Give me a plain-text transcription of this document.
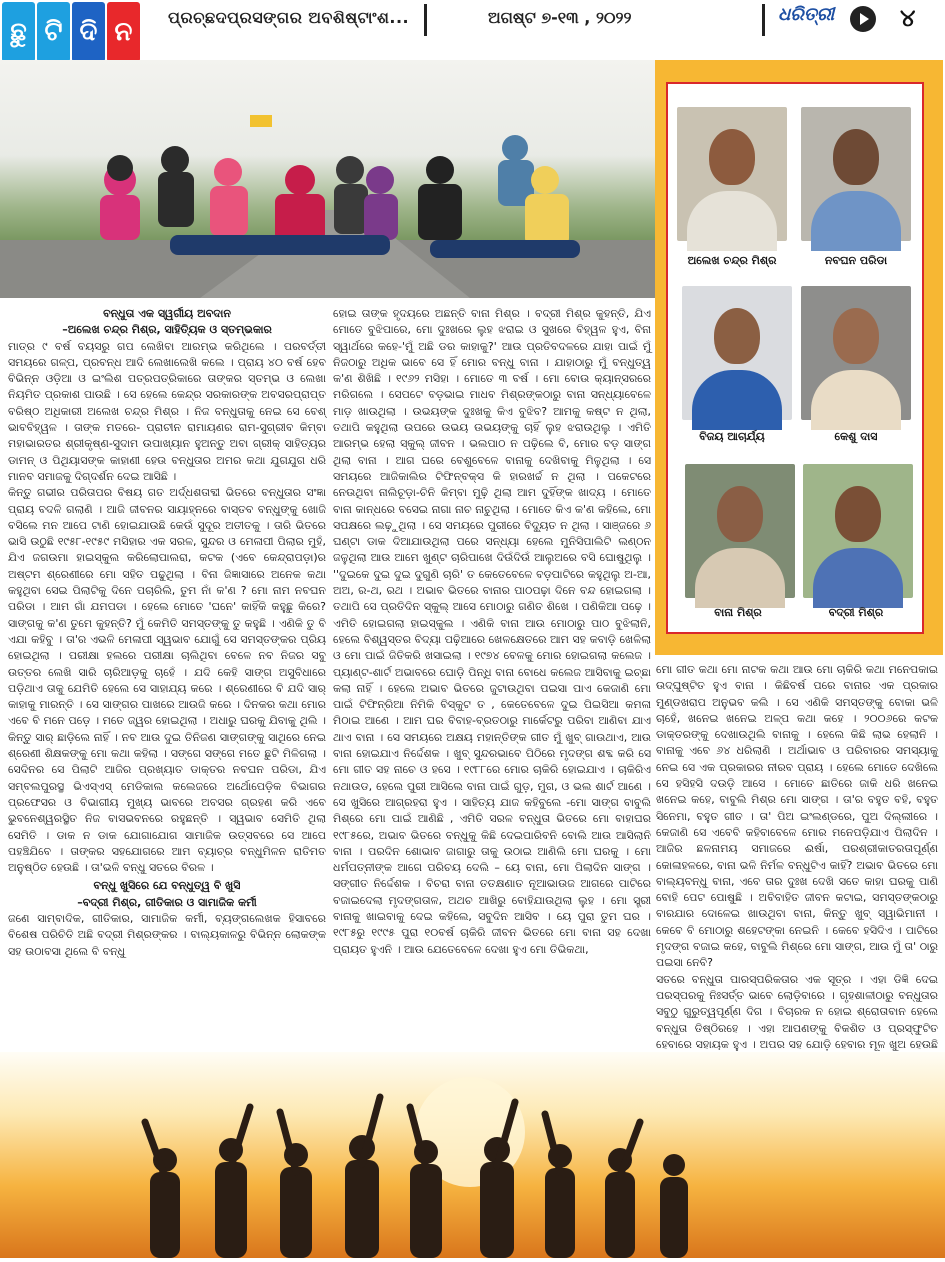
ଛୁ ଟି ଦି ନ	ପ୍ରଚ୍ଛଦପ୍ରସଙ୍ଗର ଅବଶିଷ୍ଟାଂଶ...	ଅଗଷ୍ଟ ୭-୧୩ , ୨୦୨୨	ଧରିତ୍ରୀ	୪
ଅଲେଖ ଚନ୍ଦ୍ର ମିଶ୍ର	ନବଘନ ପରିଡା
ବିଜୟ ଆଚାର୍ଯ୍ୟ	କେଶୁ ଦାସ
ବାନା ମିଶ୍ର	ବଦ୍ରୀ ମିଶ୍ର

ବନ୍ଧୁତା ଏକ ସ୍ୱର୍ଗୀୟ ଅବଦାନ

–ଅଲେଖ ଚନ୍ଦ୍ର ମିଶ୍ର, ସାହିତ୍ୟିକ ଓ ସ୍ତମ୍ଭକାର

ମାତ୍ର ୯ ବର୍ଷ ବୟସରୁ ଗପ ଲେଖିବା ଆରମ୍ଭ କରିଥିଲେ । ପରବର୍ତ୍ତୀ ସମୟରେ ଗଳ୍ପ, ପ୍ରବନ୍ଧ ଆଦି ଲେଖାଲେଖି କଲେ । ପ୍ରାୟ ୪୦ ବର୍ଷ ହେବ ବିଭିନ୍ନ ଓଡ଼ିଆ ଓ ଇଂଲିଶ ପତ୍ରପତ୍ରିକାରେ ତାଙ୍କର ସ୍ତମ୍ଭ ଓ ଲେଖା ନିୟମିତ ପ୍ରକାଶ ପାଉଛି । ସେ ହେଲେ କେନ୍ଦ୍ର ସରକାରଙ୍କ ଅବସରପ୍ରାପ୍ତ ବରିଷ୍ଠ ଅଧିକାରୀ ଅଲେଖ ଚନ୍ଦ୍ର ମିଶ୍ର । ନିଜ ବନ୍ଧୁତାକୁ ନେଇ ସେ ବେଶ୍ ଭାବବିହ୍ୱଳ । ତାଙ୍କ ମତରେ- ପ୍ରାଚୀନ ରାମାୟଣର ରାମ-ସୁଗ୍ରୀବ କିମ୍ବା ମହାଭାରତର ଶ୍ରୀକୃଷ୍ଣ-ସୁଦାମ ଉପାଖ୍ୟାନ ହୁଅନ୍ତୁ ଅବା ଗ୍ରୀକ୍ ସାହିତ୍ୟର ଡାମନ୍ ଓ ପିଥିୟାସଙ୍କ କାହାଣୀ ହେଉ ବନ୍ଧୁତାର ଅମର କଥା ଯୁଗଯୁଗ ଧରି ମାନବ ସମାଜକୁ ଦିଗ୍‌ଦର୍ଶନ ଦେଇ ଆସିଛି ।
କିନ୍ତୁ ଗଭୀର ପରିତାପର ବିଷୟ ଗତ ଅର୍ଦ୍ଧଶତାବ୍ଦୀ ଭିତରେ ବନ୍ଧୁତାର ସଂଜ୍ଞା ପ୍ରାୟ ବଦଳି ଗଲାଣି । ଆଜି ଜୀବନର ସାୟାହ୍ନରେ ବାସ୍ତବ ବନ୍ଧୁଙ୍କୁ ଖୋଜି ବସିଲେ ମନ ଆପେ ଟାଣି ହୋଇଯାଉଛି କେଉଁ ସୁଦୂର ଅତୀତକୁ । ତାରି ଭିତରେ ଭାସି ଉଠୁଛି ୧୯୫୮-୧୯୫୯ ମସିହାର ଏକ ସରଳ, ସୁନ୍ଦର ଓ ମେଳାପୀ ପିଲାର ମୁହଁ, ଯିଏ ଜଗଉମା ହାଇସ୍କୁଲ କରିଲୋପାଲରା, କଟକ (ଏବେ କେନ୍ଦ୍ରାପଡ଼ା)ର ଅଷ୍ଟମ ଶ୍ରେଣୀରେ ମୋ ସହିତ ପଢୁଥିଲା । ବିନା ଜିଜ୍ଞାସାରେ ଅନେକ କଥା କହୁଥିବା ସେଇ ପିଲାଟିକୁ ଦିନେ ପଚାରିଲି, ତୁମ ନାଁ କ'ଣ ? ମୋ ନାମ ନବଘନ ପରିଡା । ଆମ ଗାଁ ଯମପଡା । ହେଲେ ମୋତେ 'ଘନେ' କାହିଁକି କହୁଛୁ କିରେ? ସାଙ୍ଗକୁ କ'ଣ ତୁମେ କୁହନ୍ତି? ମୁଁ କେମିତି ସମସ୍ତଙ୍କୁ ତୁ କହୁଛି । ଏଣିକି ତୁ ବି ଏଯା କହିବୁ । ତା'ର ଏଭଳି ମେଳାପୀ ସ୍ୱଭାବ ଯୋଗୁଁ ସେ ସମସ୍ତଙ୍କର ପ୍ରିୟ ହୋଇଥିଲା । ପରୀକ୍ଷା ହଲରେ ପରୀକ୍ଷା ଚାଲିଥିବା ବେଳେ ନବ ନିଜର ସବୁ ଉତ୍ତର ଲେଖି ସାରି ଚାରିଆଡ଼କୁ ଚାହେଁ । ଯଦି କେହି ସାଙ୍ଗ ଅସୁବିଧାରେ ପଡ଼ିଥାଏ ତାକୁ ଯେମିତି ହେଲେ ସେ ସାହାଯ୍ୟ କରେ । ଶ୍ରେଣୀରେ ବି ଯଦି ସାର୍ କାହାକୁ ମାରନ୍ତି । ସେ ସାଙ୍ଗର ପାଖରେ ଆଉଜି କରେ । ଦିନକର କଥା ମୋର ଏବେ ବି ମନେ ପଡ଼େ । ମତେ ଜ୍ୱର ହୋଇଥିଲା । ଅଧାରୁ ଘରକୁ ଯିବାକୁ ଥିଲି । କିନ୍ତୁ ସାର୍ ଛାଡ଼ିଲେ ନାହିଁ । ନବ ଆଉ ଦୁଇ ତିନିଜଣ ସାଙ୍ଗଙ୍କୁ ସାଥିରେ ନେଇ ଶ୍ରେଣୀ ଶିକ୍ଷକଙ୍କୁ ମୋ କଥା କହିଲା । ସଙ୍ଗେ ସଙ୍ଗେ ମତେ ଛୁଟି ମିଳିଗଲା । ସେଦିନର ସେ ପିଲାଟି ଆଜିର ପ୍ରଖ୍ୟାତ ଡାକ୍ତର ନବଘନ ପରିଡା, ଯିଏ ସମ୍ବଲପୁରସ୍ଥ ଭିଏସ୍‌ଏସ୍ ମେଡିକାଲ କଲେଜରେ ଅର୍ଥୋପେଡ଼ିକ ବିଭାଗର ପ୍ରଫେସର ଓ ବିଭାଗୀୟ ମୁଖ୍ୟ ଭାବରେ ଅବସର ଗ୍ରହଣ କରି ଏବେ ଭୁବନେଶ୍ୱରସ୍ଥିତ ନିଜ ବାସଭବନରେ ରହୁଛନ୍ତି । ସ୍ୱଭାବ ସେମିତି ଥିଲା ସେମିତି । ଡାକ ନ ଡାକ ଯୋଗାଯୋଗ ସାମାଜିକ ଉତ୍ସବରେ ସେ ଆପେ ପହଞ୍ଚିଯିବେ । ତାଙ୍କର ସହଯୋଗରେ ଆମ ବ୍ୟାଚ୍‌ର ବନ୍ଧୁମିଳନ ରାତିମତ ଅନୁଷ୍ଠିତ ହେଉଛି । ତା'ଭଳି ବନ୍ଧୁ ସତରେ ବିରଳ ।

ବନ୍ଧୁ ଖୁସିରେ ଯେ ବନ୍ଧୁତ୍ୱ ବି ଖୁସି

–ବଦ୍ରୀ ମିଶ୍ର, ଗୀତିକାର ଓ ସାମାଜିକ କର୍ମୀ

ଜଣେ ସାମ୍ବାଦିକ, ଗୀତିକାର, ସାମାଜିକ କର୍ମୀ, ବ୍ୟଙ୍ଗଲେଖକ ହିସାବରେ ବିଶେଷ ପରିଚିତି ଅଛି ବଦ୍ରୀ ମିଶ୍ରଙ୍କର । ବାଲ୍ୟକାଳରୁ ବିଭିନ୍ନ ଲୋକଙ୍କ ସହ ଉଠାବସା ଥିଲେ ବି ବନ୍ଧୁ

ହୋଇ ତାଙ୍କ ହୃଦୟରେ ଅଛନ୍ତି ବାନା ମିଶ୍ର । ବଦ୍ରୀ ମିଶ୍ର କୁହନ୍ତି, ଯିଏ ମୋତେ ବୁଝିପାରେ, ମୋ ଦୁଃଖରେ ଲୁହ ଝରାଇ ଓ ସୁଖରେ ବିହ୍ୱଳ ହୁଏ, ବିନା ସ୍ୱାର୍ଥରେ କହେ-'ମୁଁ ଅଛି ଡର କାହାକୁ?' ଆଉ ପ୍ରତିବଦଳରେ ଯାହା ପାଇଁ ମୁଁ ନିଜଠାରୁ ଅଧିକ ଭାବେ ସେ ହିଁ ମୋର ବନ୍ଧୁ ବାନା । ଯାହାଠାରୁ ମୁଁ ବନ୍ଧୁତ୍ୱ କ'ଣ ଶିଖିଛି । ୧୯୬୨ ମସିହା । ମୋତେ ୩ ବର୍ଷ । ମୋ ବୋଉ କ୍ୟାନ୍ସରରେ ମରିଗଲେ । ସେପଟେ ବଡ଼ଭାଇ ମାଧବ ମିଶ୍ରଙ୍କଠାରୁ ବାନା ସନ୍ଧ୍ୟାବେଳେ ମାଡ଼ ଖାଉଥିଲା । ଉଭୟଙ୍କ ଦୁଃଖକୁ କିଏ ବୁଝିବ? ଆମକୁ କଷ୍ଟ ନ ଥିଲା, ତଥାପି କହୁଥିଲା ଉପରେ ଉଭୟ ଉଭୟଙ୍କୁ ଚାହିଁ ଲୁହ ଝରାଉଥିଲୁ । ଏମିତି ଆରମ୍ଭ ହେଲା ସ୍କୁଲ୍ ଜୀବନ । ଭଲପାଠ ନ ପଢ଼ିଲେ ବି, ମୋର ବଡ଼ ସାଙ୍ଗ ଥିଲା ବାନା । ଆଗ ଘରେ ବେଶୁବେଳେ ବାନାକୁ ଦେଖିବାକୁ ମିଳୁଥିଲା । ସେ ସମୟରେ ଆଜିକାଲିର ଟିଫିନ୍‌ବକ୍ସ କି ହାରଖର୍ଚ୍ଚ ନ ଥିଲା । ପକେଟରେ ନେଉଥିବା ନାଲିଚୂଡ଼ା-ଚିନି କିମ୍ବା ମୁଢ଼ି ଥିଲା ଆମ ଦୁହିଁଙ୍କ ଖାଦ୍ୟ । ମୋତେ ବାନା କାନ୍ଧରେ ବସେଇ ନାଗା ନାଚ ନାଚୁଥିଲା । ମୋତେ କିଏ କ'ଣ କହିଲେ, ମୋ ସପକ୍ଷରେ ଲଢ଼ୁଥିଲା । ସେ ସମୟରେ ପୁରୀରେ ବିଦ୍ୟୁତ ନ ଥିଲା । ସାଞ୍ଜରେ ୬ ଘଣ୍ଟା ଡାକ ଦିଆଯାଉଥିଲା ପରେ ସନ୍ଧ୍ୟା ହେଲେ ମୁନିସିପାଲିଟି ଲଣ୍ଠନ ଜଳୁଥିଲା ଆଉ ଆମେ ଖୁଣ୍ଟ ଚାରିପାଖେ ଦିଉଁଦିଉଁ ଆଲୁଅରେ ବସି ଘୋଷୁଥିଲୁ । ''ଦୁଇକେ ଦୁଇ ଦୁଇ ଦୁଗୁଣି ଚାରି' ତ କେତେବେଳେ ବଡ଼ପାଟିରେ କହୁଥିଲୁ ଅ-ଆ, ଅଅ, ର-ଥ, ରଥ । ଅଭାବ ଭିତରେ ବାନାର ପାଠପଢ଼ା ଦିନେ ବନ୍ଦ ହୋଇଗଲା । ତଥାପି ସେ ପ୍ରତିଦିନ ସ୍କୁଲ୍ ଆସେ ମୋଠାରୁ ଗଣିତ ଶିଖେ । ପଣିକିଆ ପଢ଼େ । ଏମିତି ହୋଇଗଲା ହାଇସ୍କୁଲ । ଏଣିକି ବାନା ଆଉ ମୋଠାରୁ ପାଠ ବୁଝିଲାନି, ହେଲେ ବିଶ୍ୱସ୍ତର ବିଦ୍ୟା ପଢ଼ିଆରେ ଖେଳକ୍ଷେତରେ ଆମ ସହ କବାଡ଼ି ଖେଳିଲା ଓ ମୋ ପାଇଁ ଜିତିକରି ଖସାଇଲା । ୧୯୭୪ ବେଳକୁ ମୋର ହୋଇଗଲା କଲେଜ । ପ୍ୟାଣ୍ଟ-ଶାର୍ଟ ଅଭାବରେ ଘୋଡ଼ି ପିନ୍ଧି ବାନା ବୋଧେ କଲେଜ ଆସିବାକୁ ଇଚ୍ଛା କଲା ନାହିଁ । ହେଲେ ଅଭାବ ଭିତରେ ଜୁଟାଉଥିବା ପଇସା ପାଏ କେଜାଣି ମୋ ପାଇଁ ଟିଫିନ୍‌ରିଆ ନିମିକି ବିସ୍କୁଟ ତ , କେତେବେଳେ ଦୁଇ ପିଇସିଆ କମଳା ମିଠାଇ ଆଣେ । ଆମ ଘର ବିବାହ-ବ୍ରତଠାରୁ ମାର୍କେଟରୁ ପରିବା ଆଣିବା ଯାଏ ଥାଏ ବାନା । ସେ ସମୟରେ ଅକ୍ଷୟ ମହାନ୍ତିଙ୍କ ଗୀତ ମୁଁ ଖୁବ୍ ଗାଉଥାଏ, ଆଉ ବାନା ହୋଇଯାଏ ନିର୍ଦ୍ଦେଶକ । ଖୁବ୍ ସୁନ୍ଦରଭାବେ ପିଠିରେ ମୃଦଙ୍ଗ ଶବ୍ଦ କରି ସେ ମୋ ଗୀତ ସହ ନାଚେ ଓ ହସେ । ୧୯୮୮ରେ ମୋର ଚାକିରି ହୋଇଯାଏ । ଚାକିରିଏ ନଥାଉଡ, ହେଲେ ପୁରୀ ଆସିଲେ ବାନା ପାଇଁ ଗୁଡ଼, ମୁଗ, ଓ ଭଲ ଶାର୍ଟ ଆଣେ । ସେ ଖୁସିରେ ଆଗ୍ରହରା ହୁଏ । ସାହିତ୍ୟ ଯାଜ କହିବୁଲେ -ମୋ ସାଙ୍ଗ ବାବୁଲି ମିଶ୍ରେ ମୋ ପାଇଁ ଆଣିଛି , ଏମିତି ସରଳ ବନ୍ଧୁତା ଭିତରେ ମୋ ବାହାଘର ୧୯୮୫ରେ, ଅଭାବ ଭିତରେ ବନ୍ଧୁକୁ କିଛି ଦେଇପାରିବନି ବୋଲି ଆଉ ଆସିଲାନି ବାନା । ପରଦିନ ଶୋଭାବ ଜାଗାରୁ ତାକୁ ଉଠାଇ ଆଣିଲି ମୋ ଘରକୁ । ମୋ ଧର୍ମପତ୍ନୀଙ୍କ ଆଗେ ପରିଚୟ ଦେଲି – ୟେ ବାନା, ମୋ ପିଲାଦିନ ସାଙ୍ଗ । ସଙ୍ଗୀତ ନିର୍ଦ୍ଦେଶକ । ବିଚରା ବାନା ତତକ୍ଷଣାତ ନୂଆଭାଉଜ ଆଗରେ ପାଟିରେ ବଜାଇଦେଲା ମୃଦଙ୍ଗତାଳ, ଅଥଚ ଆଖିରୁ ବୋହିଯାଉଥିଲା ଲୁହ । ମୋ ସ୍ତ୍ରୀ ବାନାକୁ ଖାଇବାକୁ ଦେଇ କହିଲେ, ସବୁଦିନ ଆସିବ । ୟେ ପୁରା ତୁମ ଘର । ୧୯୮୫ରୁ ୧୯୯୫ ପୁରା ୧୦ବର୍ଷ ଚାକିରି ଜୀବନ ଭିତରେ ମୋ ବାନା ସହ ଦେଖା ପ୍ରାୟତ ହୁଏନି । ଆଉ ଯେତେବେଳେ ଦେଖା ହୁଏ ମୋ ତିଭିକଥା,

ମୋ ଗୀତ କଥା ମୋ ନାଟକ କଥା ଆଉ ମୋ ଚାକିରି କଥା ମନେପକାଇ ଉଦ୍‌ଘୁଷ୍ଟିତ ହୁଏ ବାନା । କିଛିବର୍ଷ ପରେ ବାନାର ଏକ ପ୍ରକାର ମୁଣ୍ଡଖରାପ ଅନୁଭବ କଲି । ସେ ଏଣିକି ସମସ୍ତଙ୍କୁ ବୋକା ଭଳି ଚାହେଁ, ଖନେଇ ଖନେଇ ଅଳ୍ପ କଥା କହେ । ୨୦୦୬ରେ କଟକ ଡାକ୍ତରଙ୍କୁ ଦେଖାଉଥିଲି ବାନାକୁ । ହେଲେ କିଛି ଲାଭ ହେଲାନି । ବାନାକୁ ଏବେ ୬୪ ଧରିଲାଣି । ଅର୍ଥାଭାବ ଓ ପରିବାରର ସମସ୍ୟାକୁ ନେଇ ସେ ଏକ ପ୍ରକାରର ନୀରବ ପ୍ରାୟ । ହେଲେ ମୋତେ ଦେଖିଲେ ସେ ହସିହସି ଦଉଡ଼ି ଆସେ । ମୋତେ ଛାତିରେ ଜାକି ଧରି ଖନେଇ ଖନେଇ କହେ, ବାବୁଲି ମିଶ୍ର ମୋ ସାଙ୍ଗ । ତା'ର ବହୁତ ବହି, ବହୁତ ସିନେମା, ବହୁତ ଗୀତ । ତା' ପିଅ ଇଂଲଣ୍ଡରେ, ପୁଅ ଦିଲ୍ଲୀରେ । କେଜାଣି ସେ ଏବେବି କହିବାବେଳେ ମୋର ମନେପଡ଼ିଯାଏ ପିଲାଦିନ । ଆଜିର ଛଳନାମୟ ସମାଜରେ ଈର୍ଷା, ପରଶ୍ରୀକାତରତାପୂର୍ଣ୍ଣ କୋଳାହଳରେ, ବାନା ଭଳି ନିର୍ମଳ ବନ୍ଧୁଟିଏ କାହିଁ? ଅଭାବ ଭିତରେ ମୋ ବାଲ୍ୟବନ୍ଧୁ ବାନା, ଏବେ ତାର ଦୁଃଖ ଦେଖି ସତେ କାହା ଘରକୁ ପାଣି ବୋହି ପେଟ ପୋଷୁଛି । ଅବିବାହିତ ଜୀବନ କଟାଇ, ସମସ୍ତଙ୍କଠାରୁ ବାରଯାର ଦୋଳେଇ ଖାଉଥିବା ବାନା, କିନ୍ତୁ ଖୁବ୍ ସ୍ୱାଭିମାନୀ । କେବେ ବି ମୋଠାରୁ ଶହେଟଙ୍କା ନେଇନି । କେବେ ହସିଦିଏ । ପାଟିରେ ମୃଦଙ୍ଗ ବଜାଇ କହେ, ବାବୁଲି ମିଶ୍ରେ ମୋ ସାଙ୍ଗ, ଆଉ ମୁଁ ତା' ଠାରୁ ପଇସା ନେବି?

ସତରେ ବନ୍ଧୁତା ପାରସ୍ପରିକତାର ଏକ ସୂତ୍ର । ଏହା ଡିଜ୍ଞି ଦେଇ ପରସ୍ପରକୁ ନିଃସର୍ତ୍ତ ଭାବେ ଲୋଡ଼ିବାରେ । ଗୃହଶାଳୀଠାରୁ ବନ୍ଧୁତାର ସବୁଠୁ ଗୁରୁତ୍ୱପୂର୍ଣ୍ଣ ଦିଗ । ବିଚାରକ ନ ହୋଇ ଶ୍ରୋତାବାନ ହେଲେ ବନ୍ଧୁତା ତିଷ୍ଠିରହେ । ଏହା ଆପଣଙ୍କୁ ବିକଶିତ ଓ ପ୍ରସ୍ଫୁଟିତ ହେବାରେ ସହାୟକ ହୁଏ । ଅପର ସହ ଯୋଡ଼ି ହେବାର ମୂଳ ଖୁଅ ହେଉଛି
